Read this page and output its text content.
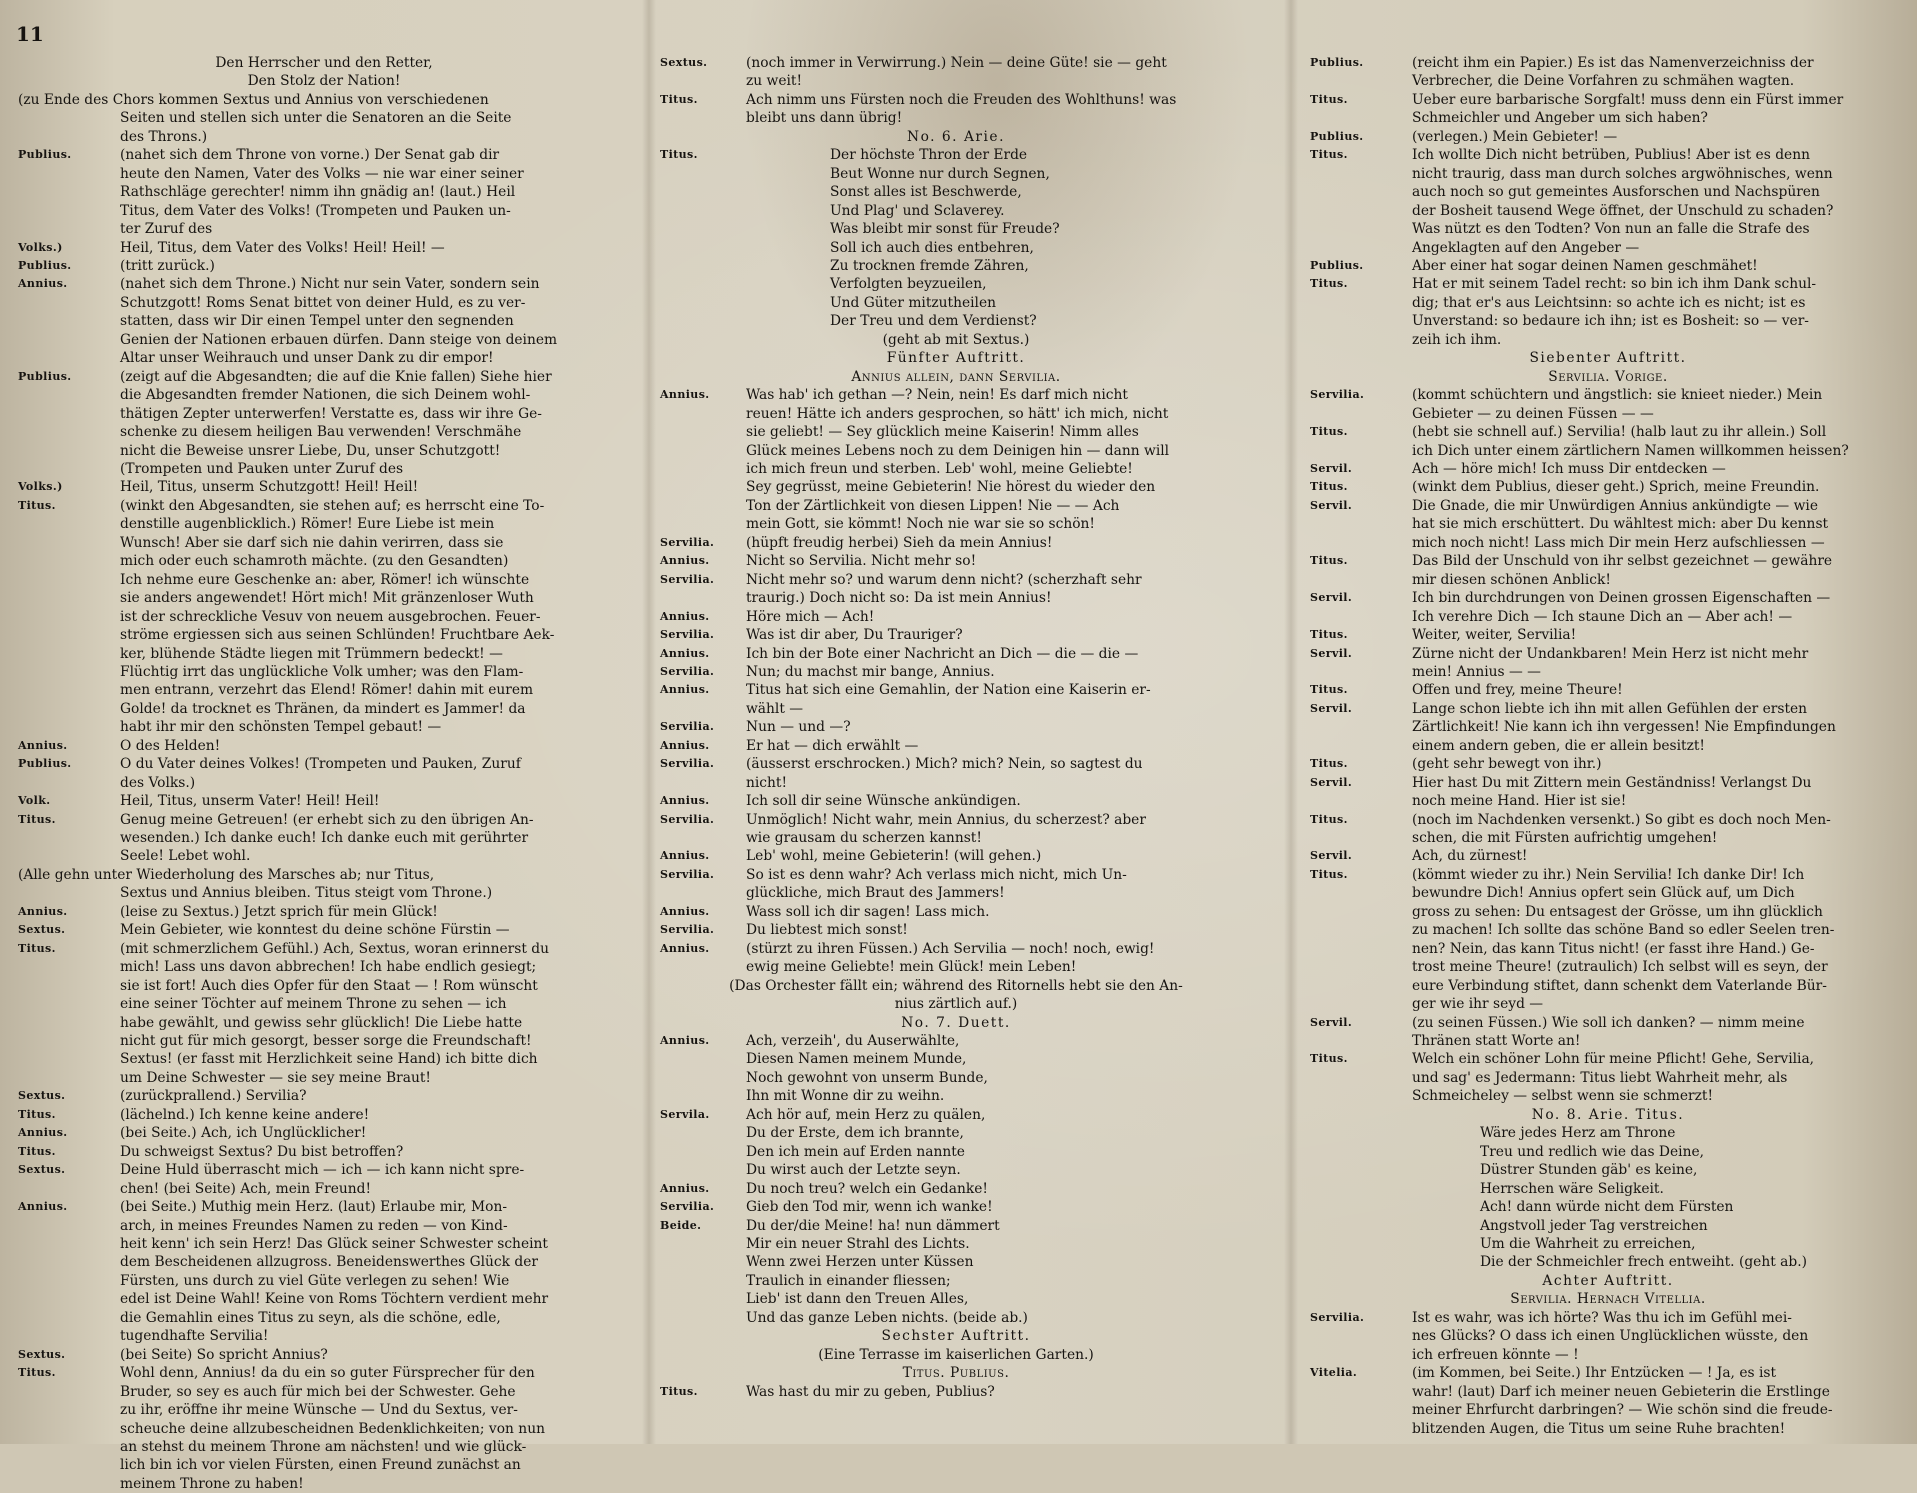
11
Den Herrscher und den Retter,
Den Stolz der Nation!
(zu Ende des Chors kommen Sextus und Annius von verschiedenen
Seiten und stellen sich unter die Senatoren an die Seite
des Throns.)
Publius.	(nahet sich dem Throne von vorne.) Der Senat gab dir
heute den Namen, Vater des Volks — nie war einer seiner
Rathschläge gerechter! nimm ihn gnädig an! (laut.) Heil
Titus, dem Vater des Volks! (Trompeten und Pauken un-
ter Zuruf des
Volks.)	Heil, Titus, dem Vater des Volks! Heil! Heil! —
Publius.	(tritt zurück.)
Annius.	(nahet sich dem Throne.) Nicht nur sein Vater, sondern sein
Schutzgott! Roms Senat bittet von deiner Huld, es zu ver-
statten, dass wir Dir einen Tempel unter den segnenden
Genien der Nationen erbauen dürfen. Dann steige von deinem
Altar unser Weihrauch und unser Dank zu dir empor!
Publius.	(zeigt auf die Abgesandten; die auf die Knie fallen) Siehe hier
die Abgesandten fremder Nationen, die sich Deinem wohl-
thätigen Zepter unterwerfen! Verstatte es, dass wir ihre Ge-
schenke zu diesem heiligen Bau verwenden! Verschmähe
nicht die Beweise unsrer Liebe, Du, unser Schutzgott!
(Trompeten und Pauken unter Zuruf des
Volks.)	Heil, Titus, unserm Schutzgott! Heil! Heil!
Titus.	(winkt den Abgesandten, sie stehen auf; es herrscht eine To-
denstille augenblicklich.) Römer! Eure Liebe ist mein
Wunsch! Aber sie darf sich nie dahin verirren, dass sie
mich oder euch schamroth mächte. (zu den Gesandten)
Ich nehme eure Geschenke an: aber, Römer! ich wünschte
sie anders angewendet! Hört mich! Mit gränzenloser Wuth
ist der schreckliche Vesuv von neuem ausgebrochen. Feuer-
ströme ergiessen sich aus seinen Schlünden! Fruchtbare Aek-
ker, blühende Städte liegen mit Trümmern bedeckt! —
Flüchtig irrt das unglückliche Volk umher; was den Flam-
men entrann, verzehrt das Elend! Römer! dahin mit eurem
Golde! da trocknet es Thränen, da mindert es Jammer! da
habt ihr mir den schönsten Tempel gebaut! —
Annius.	O des Helden!
Publius.	O du Vater deines Volkes! (Trompeten und Pauken, Zuruf
des Volks.)
Volk.	Heil, Titus, unserm Vater! Heil! Heil!
Titus.	Genug meine Getreuen! (er erhebt sich zu den übrigen An-
wesenden.) Ich danke euch! Ich danke euch mit gerührter
Seele! Lebet wohl.
(Alle gehn unter Wiederholung des Marsches ab; nur Titus,
Sextus und Annius bleiben. Titus steigt vom Throne.)
Annius.	(leise zu Sextus.) Jetzt sprich für mein Glück!
Sextus.	Mein Gebieter, wie konntest du deine schöne Fürstin —
Titus.	(mit schmerzlichem Gefühl.) Ach, Sextus, woran erinnerst du
mich! Lass uns davon abbrechen! Ich habe endlich gesiegt;
sie ist fort! Auch dies Opfer für den Staat — ! Rom wünscht
eine seiner Töchter auf meinem Throne zu sehen — ich
habe gewählt, und gewiss sehr glücklich! Die Liebe hatte
nicht gut für mich gesorgt, besser sorge die Freundschaft!
Sextus! (er fasst mit Herzlichkeit seine Hand) ich bitte dich
um Deine Schwester — sie sey meine Braut!
Sextus.	(zurückprallend.) Servilia?
Titus.	(lächelnd.) Ich kenne keine andere!
Annius.	(bei Seite.) Ach, ich Unglücklicher!
Titus.	Du schweigst Sextus? Du bist betroffen?
Sextus.	Deine Huld überrascht mich — ich — ich kann nicht spre-
chen! (bei Seite) Ach, mein Freund!
Annius.	(bei Seite.) Muthig mein Herz. (laut) Erlaube mir, Mon-
arch, in meines Freundes Namen zu reden — von Kind-
heit kenn' ich sein Herz! Das Glück seiner Schwester scheint
dem Bescheidenen allzugross. Beneidenswerthes Glück der
Fürsten, uns durch zu viel Güte verlegen zu sehen! Wie
edel ist Deine Wahl! Keine von Roms Töchtern verdient mehr
die Gemahlin eines Titus zu seyn, als die schöne, edle,
tugendhafte Servilia!
Sextus.	(bei Seite) So spricht Annius?
Titus.	Wohl denn, Annius! da du ein so guter Fürsprecher für den
Bruder, so sey es auch für mich bei der Schwester. Gehe
zu ihr, eröffne ihr meine Wünsche — Und du Sextus, ver-
scheuche deine allzubescheidnen Bedenklichkeiten; von nun
an stehst du meinem Throne am nächsten! und wie glück-
lich bin ich vor vielen Fürsten, einen Freund zunächst an
meinem Throne zu haben!
Sextus.	(noch immer in Verwirrung.) Nein — deine Güte! sie — geht
zu weit!
Titus.	Ach nimm uns Fürsten noch die Freuden des Wohlthuns! was
bleibt uns dann übrig!
No. 6. Arie.
Titus.	Der höchste Thron der Erde
Beut Wonne nur durch Segnen,
Sonst alles ist Beschwerde,
Und Plag' und Sclaverey.
Was bleibt mir sonst für Freude?
Soll ich auch dies entbehren,
Zu trocknen fremde Zähren,
Verfolgten beyzueilen,
Und Güter mitzutheilen
Der Treu und dem Verdienst?
(geht ab mit Sextus.)
Fünfter Auftritt.
Annius allein, dann Servilia.
Annius.	Was hab' ich gethan —? Nein, nein! Es darf mich nicht
reuen! Hätte ich anders gesprochen, so hätt' ich mich, nicht
sie geliebt! — Sey glücklich meine Kaiserin! Nimm alles
Glück meines Lebens noch zu dem Deinigen hin — dann will
ich mich freun und sterben. Leb' wohl, meine Geliebte!
Sey gegrüsst, meine Gebieterin! Nie hörest du wieder den
Ton der Zärtlichkeit von diesen Lippen! Nie — — Ach
mein Gott, sie kömmt! Noch nie war sie so schön!
Servilia. (hüpft freudig herbei) Sieh da mein Annius!
Annius.	Nicht so Servilia. Nicht mehr so!
Servilia. Nicht mehr so? und warum denn nicht? (scherzhaft sehr
traurig.) Doch nicht so: Da ist mein Annius!
Annius.	Höre mich — Ach!
Servilia. Was ist dir aber, Du Trauriger?
Annius.	Ich bin der Bote einer Nachricht an Dich — die — die —
Servilia. Nun; du machst mir bange, Annius.
Annius.	Titus hat sich eine Gemahlin, der Nation eine Kaiserin er-
wählt —
Servilia. Nun — und —?
Annius.	Er hat — dich erwählt —
Servilia. (äusserst erschrocken.) Mich? mich? Nein, so sagtest du
nicht!
Annius.	Ich soll dir seine Wünsche ankündigen.
Servilia. Unmöglich! Nicht wahr, mein Annius, du scherzest? aber
wie grausam du scherzen kannst!
Annius.	Leb' wohl, meine Gebieterin! (will gehen.)
Servilia. So ist es denn wahr? Ach verlass mich nicht, mich Un-
glückliche, mich Braut des Jammers!
Annius.	Wass soll ich dir sagen! Lass mich.
Servilia. Du liebtest mich sonst!
Annius.	(stürzt zu ihren Füssen.) Ach Servilia — noch! noch, ewig!
ewig meine Geliebte! mein Glück! mein Leben!
(Das Orchester fällt ein; während des Ritornells hebt sie den An-
nius zärtlich auf.)
No. 7. Duett.
Annius.	Ach, verzeih', du Auserwählte,
Diesen Namen meinem Munde,
Noch gewohnt von unserm Bunde,
Ihn mit Wonne dir zu weihn.
Servila.	Ach hör auf, mein Herz zu quälen,
Du der Erste, dem ich brannte,
Den ich mein auf Erden nannte
Du wirst auch der Letzte seyn.
Annius.	Du noch treu? welch ein Gedanke!
Servilia. Gieb den Tod mir, wenn ich wanke!
Beide.	Du der/die Meine! ha! nun dämmert
Mir ein neuer Strahl des Lichts.
Wenn zwei Herzen unter Küssen
Traulich in einander fliessen;
Lieb' ist dann den Treuen Alles,
Und das ganze Leben nichts. (beide ab.)
Sechster Auftritt.
(Eine Terrasse im kaiserlichen Garten.)
Titus. Publius.
Titus.	Was hast du mir zu geben, Publius?
Publius.	(reicht ihm ein Papier.) Es ist das Namenverzeichniss der
Verbrecher, die Deine Vorfahren zu schmähen wagten.
Titus.	Ueber eure barbarische Sorgfalt! muss denn ein Fürst immer
Schmeichler und Angeber um sich haben?
Publius.	(verlegen.) Mein Gebieter! —
Titus.	Ich wollte Dich nicht betrüben, Publius! Aber ist es denn
nicht traurig, dass man durch solches argwöhnisches, wenn
auch noch so gut gemeintes Ausforschen und Nachspüren
der Bosheit tausend Wege öffnet, der Unschuld zu schaden?
Was nützt es den Todten? Von nun an falle die Strafe des
Angeklagten auf den Angeber —
Publius.	Aber einer hat sogar deinen Namen geschmähet!
Titus.	Hat er mit seinem Tadel recht: so bin ich ihm Dank schul-
dig; that er's aus Leichtsinn: so achte ich es nicht; ist es
Unverstand: so bedaure ich ihn; ist es Bosheit: so — ver-
zeih ich ihm.
Siebenter Auftritt.
Servilia. Vorige.
Servilia.	(kommt schüchtern und ängstlich: sie knieet nieder.) Mein
Gebieter — zu deinen Füssen — —
Titus.	(hebt sie schnell auf.) Servilia! (halb laut zu ihr allein.) Soll
ich Dich unter einem zärtlichern Namen willkommen heissen?
Servil.	Ach — höre mich! Ich muss Dir entdecken —
Titus.	(winkt dem Publius, dieser geht.) Sprich, meine Freundin.
Servil.	Die Gnade, die mir Unwürdigen Annius ankündigte — wie
hat sie mich erschüttert. Du wähltest mich: aber Du kennst
mich noch nicht! Lass mich Dir mein Herz aufschliessen —
Titus.	Das Bild der Unschuld von ihr selbst gezeichnet — gewähre
mir diesen schönen Anblick!
Servil.	Ich bin durchdrungen von Deinen grossen Eigenschaften —
Ich verehre Dich — Ich staune Dich an — Aber ach! —
Titus.	Weiter, weiter, Servilia!
Servil.	Zürne nicht der Undankbaren! Mein Herz ist nicht mehr
mein! Annius — —
Titus.	Offen und frey, meine Theure!
Servil.	Lange schon liebte ich ihn mit allen Gefühlen der ersten
Zärtlichkeit! Nie kann ich ihn vergessen! Nie Empfindungen
einem andern geben, die er allein besitzt!
Titus.	(geht sehr bewegt von ihr.)
Servil.	Hier hast Du mit Zittern mein Geständniss! Verlangst Du
noch meine Hand. Hier ist sie!
Titus.	(noch im Nachdenken versenkt.) So gibt es doch noch Men-
schen, die mit Fürsten aufrichtig umgehen!
Servil.	Ach, du zürnest!
Titus.	(kömmt wieder zu ihr.) Nein Servilia! Ich danke Dir! Ich
bewundre Dich! Annius opfert sein Glück auf, um Dich
gross zu sehen: Du entsagest der Grösse, um ihn glücklich
zu machen! Ich sollte das schöne Band so edler Seelen tren-
nen? Nein, das kann Titus nicht! (er fasst ihre Hand.) Ge-
trost meine Theure! (zutraulich) Ich selbst will es seyn, der
eure Verbindung stiftet, dann schenkt dem Vaterlande Bür-
ger wie ihr seyd —
Servil.	(zu seinen Füssen.) Wie soll ich danken? — nimm meine
Thränen statt Worte an!
Titus.	Welch ein schöner Lohn für meine Pflicht! Gehe, Servilia,
und sag' es Jedermann: Titus liebt Wahrheit mehr, als
Schmeicheley — selbst wenn sie schmerzt!
No. 8. Arie. Titus.
Wäre jedes Herz am Throne
Treu und redlich wie das Deine,
Düstrer Stunden gäb' es keine,
Herrschen wäre Seligkeit.
Ach! dann würde nicht dem Fürsten
Angstvoll jeder Tag verstreichen
Um die Wahrheit zu erreichen,
Die der Schmeichler frech entweiht. (geht ab.)
Achter Auftritt.
Servilia. Hernach Vitellia.
Servilia.	Ist es wahr, was ich hörte? Was thu ich im Gefühl mei-
nes Glücks? O dass ich einen Unglücklichen wüsste, den
ich erfreuen könnte — !
Vitelia.	(im Kommen, bei Seite.) Ihr Entzücken — ! Ja, es ist
wahr! (laut) Darf ich meiner neuen Gebieterin die Erstlinge
meiner Ehrfurcht darbringen? — Wie schön sind die freude-
blitzenden Augen, die Titus um seine Ruhe brachten!
